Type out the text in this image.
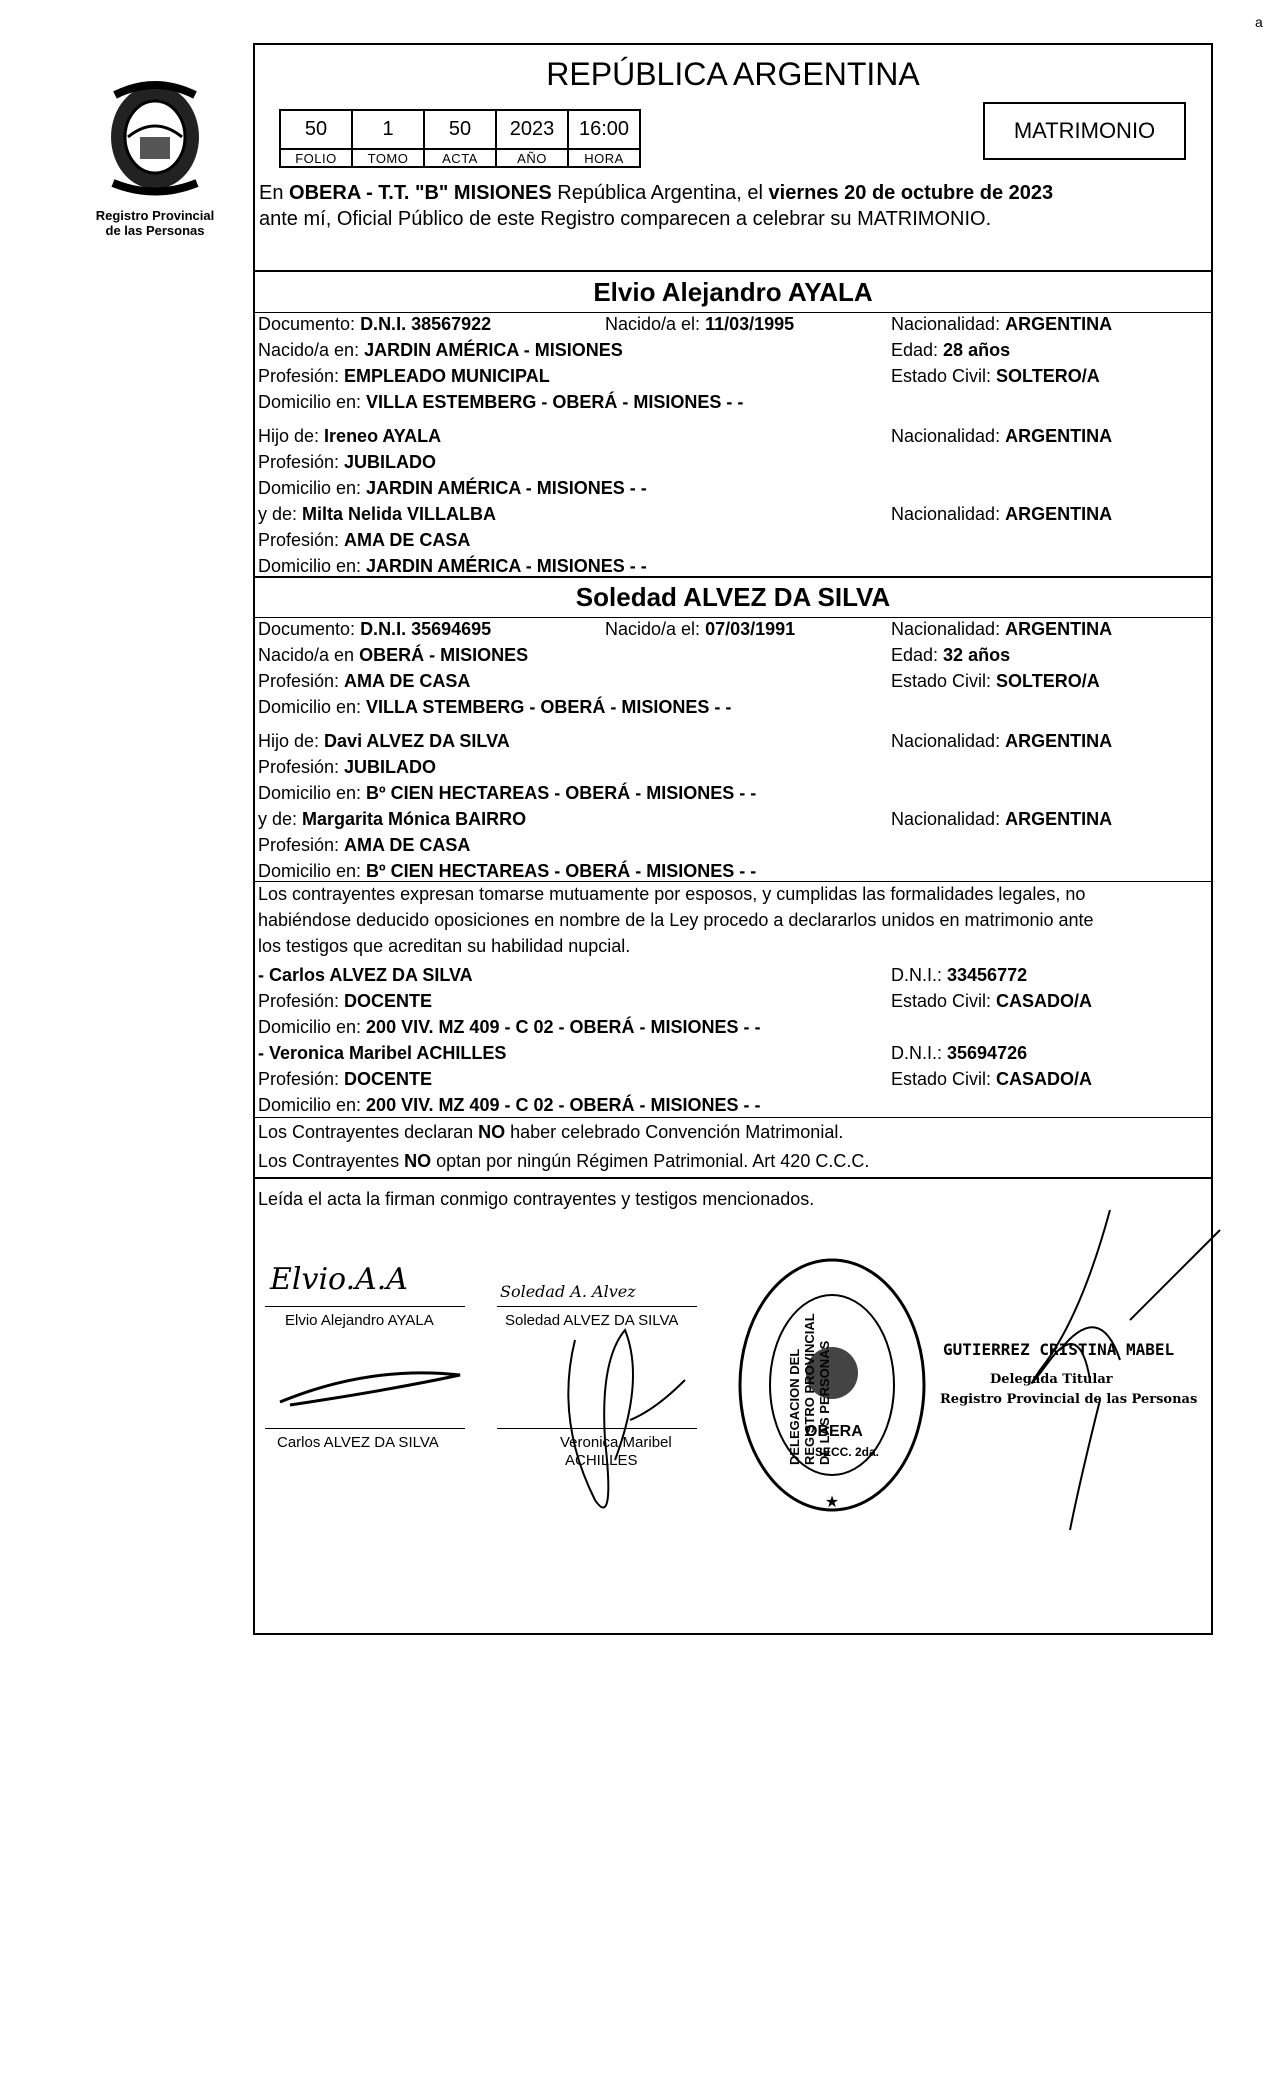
a
Registro Provincial
de las Personas
REPÚBLICA ARGENTINA
50	1	50	2023	16:00
FOLIO	TOMO	ACTA	AÑO	HORA
MATRIMONIO
En OBERA - T.T. "B" MISIONES República Argentina, el viernes 20 de octubre de 2023
ante mí, Oficial Público de este Registro comparecen a celebrar su MATRIMONIO.
Elvio Alejandro AYALA
Documento: D.N.I. 38567922	Nacido/a el: 11/03/1995	Nacionalidad: ARGENTINA
Nacido/a en: JARDIN AMÉRICA - MISIONES	Edad: 28 años
Profesión: EMPLEADO MUNICIPAL	Estado Civil: SOLTERO/A
Domicilio en: VILLA ESTEMBERG - OBERÁ - MISIONES - -
Hijo de: Ireneo AYALA	Nacionalidad: ARGENTINA
Profesión: JUBILADO
Domicilio en: JARDIN AMÉRICA - MISIONES - -
y de: Milta Nelida VILLALBA	Nacionalidad: ARGENTINA
Profesión: AMA DE CASA
Domicilio en: JARDIN AMÉRICA - MISIONES - -
Soledad ALVEZ DA SILVA
Documento: D.N.I. 35694695	Nacido/a el: 07/03/1991	Nacionalidad: ARGENTINA
Nacido/a en OBERÁ - MISIONES	Edad: 32 años
Profesión: AMA DE CASA	Estado Civil: SOLTERO/A
Domicilio en: VILLA STEMBERG - OBERÁ - MISIONES - -
Hijo de: Davi ALVEZ DA SILVA	Nacionalidad: ARGENTINA
Profesión: JUBILADO
Domicilio en: Bº CIEN HECTAREAS - OBERÁ - MISIONES - -
y de: Margarita Mónica BAIRRO	Nacionalidad: ARGENTINA
Profesión: AMA DE CASA
Domicilio en: Bº CIEN HECTAREAS - OBERÁ - MISIONES - -
Los contrayentes expresan tomarse mutuamente por esposos, y cumplidas las formalidades legales, no
habiéndose deducido oposiciones en nombre de la Ley procedo a declararlos unidos en matrimonio ante
los testigos que acreditan su habilidad nupcial.
- Carlos ALVEZ DA SILVA	D.N.I.: 33456772
Profesión: DOCENTE	Estado Civil: CASADO/A
Domicilio en: 200 VIV. MZ 409 - C 02 - OBERÁ - MISIONES - -
- Veronica Maribel ACHILLES	D.N.I.: 35694726
Profesión: DOCENTE	Estado Civil: CASADO/A
Domicilio en: 200 VIV. MZ 409 - C 02 - OBERÁ - MISIONES - -
Los Contrayentes declaran NO haber celebrado Convención Matrimonial.
Los Contrayentes NO optan por ningún Régimen Patrimonial. Art 420 C.C.C.
Leída el acta la firman conmigo contrayentes y testigos mencionados.
Elvio.A.A
Elvio Alejandro AYALA
Soledad A. Alvez
Soledad ALVEZ DA SILVA
Carlos ALVEZ DA SILVA	Veronica Maribel
ACHILLES
★
DELEGACION DEL REGISTRO PROVINCIAL DE LAS PERSONAS
OBERA
SECC. 2da.
GUTIERREZ CRISTINA MABEL
Delegada Titular
Registro Provincial de las Personas
